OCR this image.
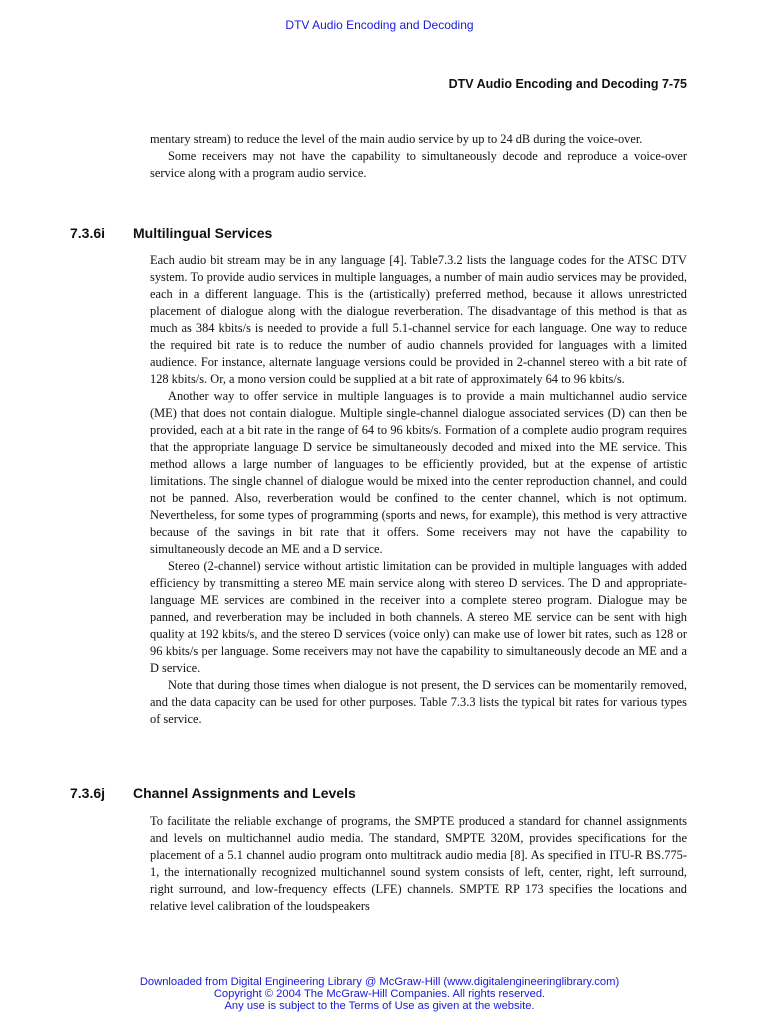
DTV Audio Encoding and Decoding
DTV Audio Encoding and Decoding 7-75

mentary stream) to reduce the level of the main audio service by up to 24 dB during the voice-over.

Some receivers may not have the capability to simultaneously decode and reproduce a voice-over service along with a program audio service.

7.3.6i Multilingual Services

Each audio bit stream may be in any language [4]. Table7.3.2 lists the language codes for the ATSC DTV system. To provide audio services in multiple languages, a number of main audio services may be provided, each in a different language. This is the (artistically) preferred method, because it allows unrestricted placement of dialogue along with the dialogue reverberation. The disadvantage of this method is that as much as 384 kbits/s is needed to provide a full 5.1-channel service for each language. One way to reduce the required bit rate is to reduce the number of audio channels provided for languages with a limited audience. For instance, alternate language versions could be provided in 2-channel stereo with a bit rate of 128 kbits/s. Or, a mono version could be supplied at a bit rate of approximately 64 to 96 kbits/s.

Another way to offer service in multiple languages is to provide a main multichannel audio service (ME) that does not contain dialogue. Multiple single-channel dialogue associated services (D) can then be provided, each at a bit rate in the range of 64 to 96 kbits/s. Formation of a complete audio program requires that the appropriate language D service be simultaneously decoded and mixed into the ME service. This method allows a large number of languages to be efficiently provided, but at the expense of artistic limitations. The single channel of dialogue would be mixed into the center reproduction channel, and could not be panned. Also, reverberation would be confined to the center channel, which is not optimum. Nevertheless, for some types of programming (sports and news, for example), this method is very attractive because of the savings in bit rate that it offers. Some receivers may not have the capability to simultaneously decode an ME and a D service.

Stereo (2-channel) service without artistic limitation can be provided in multiple languages with added efficiency by transmitting a stereo ME main service along with stereo D services. The D and appropriate-language ME services are combined in the receiver into a complete stereo program. Dialogue may be panned, and reverberation may be included in both channels. A stereo ME service can be sent with high quality at 192 kbits/s, and the stereo D services (voice only) can make use of lower bit rates, such as 128 or 96 kbits/s per language. Some receivers may not have the capability to simultaneously decode an ME and a D service.

Note that during those times when dialogue is not present, the D services can be momentarily removed, and the data capacity can be used for other purposes. Table 7.3.3 lists the typical bit rates for various types of service.

7.3.6j Channel Assignments and Levels

To facilitate the reliable exchange of programs, the SMPTE produced a standard for channel assignments and levels on multichannel audio media. The standard, SMPTE 320M, provides specifications for the placement of a 5.1 channel audio program onto multitrack audio media [8]. As specified in ITU-R BS.775-1, the internationally recognized multichannel sound system consists of left, center, right, left surround, right surround, and low-frequency effects (LFE) channels. SMPTE RP 173 specifies the locations and relative level calibration of the loudspeakers

Downloaded from Digital Engineering Library @ McGraw-Hill (www.digitalengineeringlibrary.com)
Copyright © 2004 The McGraw-Hill Companies. All rights reserved.
Any use is subject to the Terms of Use as given at the website.
